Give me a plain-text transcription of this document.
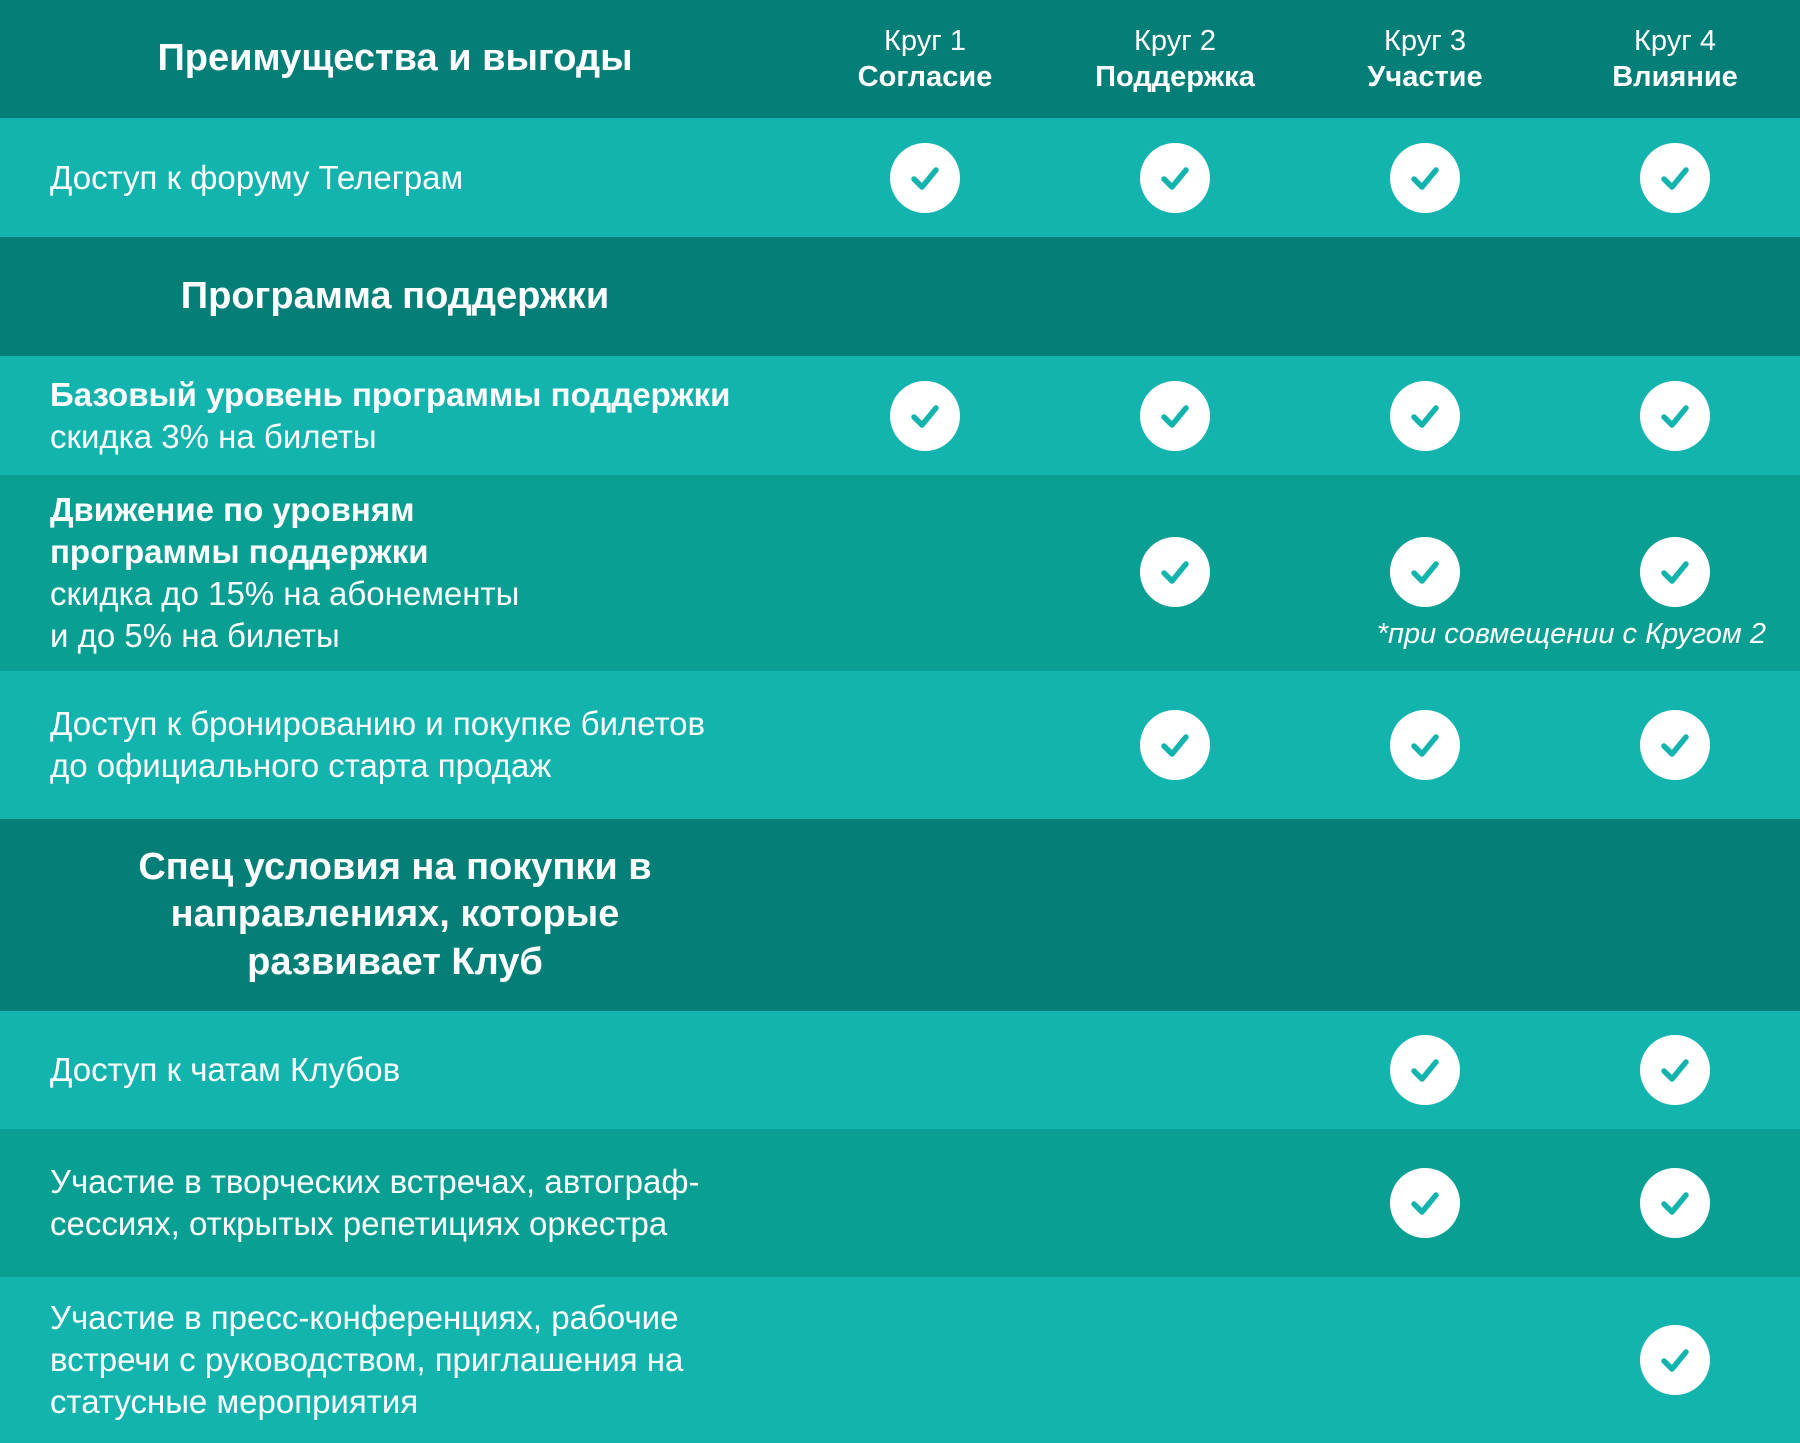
Преимущества и выгоды	Круг 1
Согласие
Круг 2
Поддержка
Круг 3
Участие
Круг 4
Влияние
Доступ к форуму Телеграм
Программа поддержки
Базовый уровень программы поддержки
скидка 3% на билеты
Движение по уровням
программы поддержки
скидка до 15% на абонементы
и до 5% на билеты	*при совмещении с Кругом 2
Доступ к бронированию и покупке билетов
до официального старта продаж
Спец условия на покупки в
направлениях, которые
развивает Клуб
Доступ к чатам Клубов
Участие в творческих встречах, автограф-
сессиях, открытых репетициях оркестра
Участие в пресс-конференциях, рабочие
встречи с руководством, приглашения на
статусные мероприятия
